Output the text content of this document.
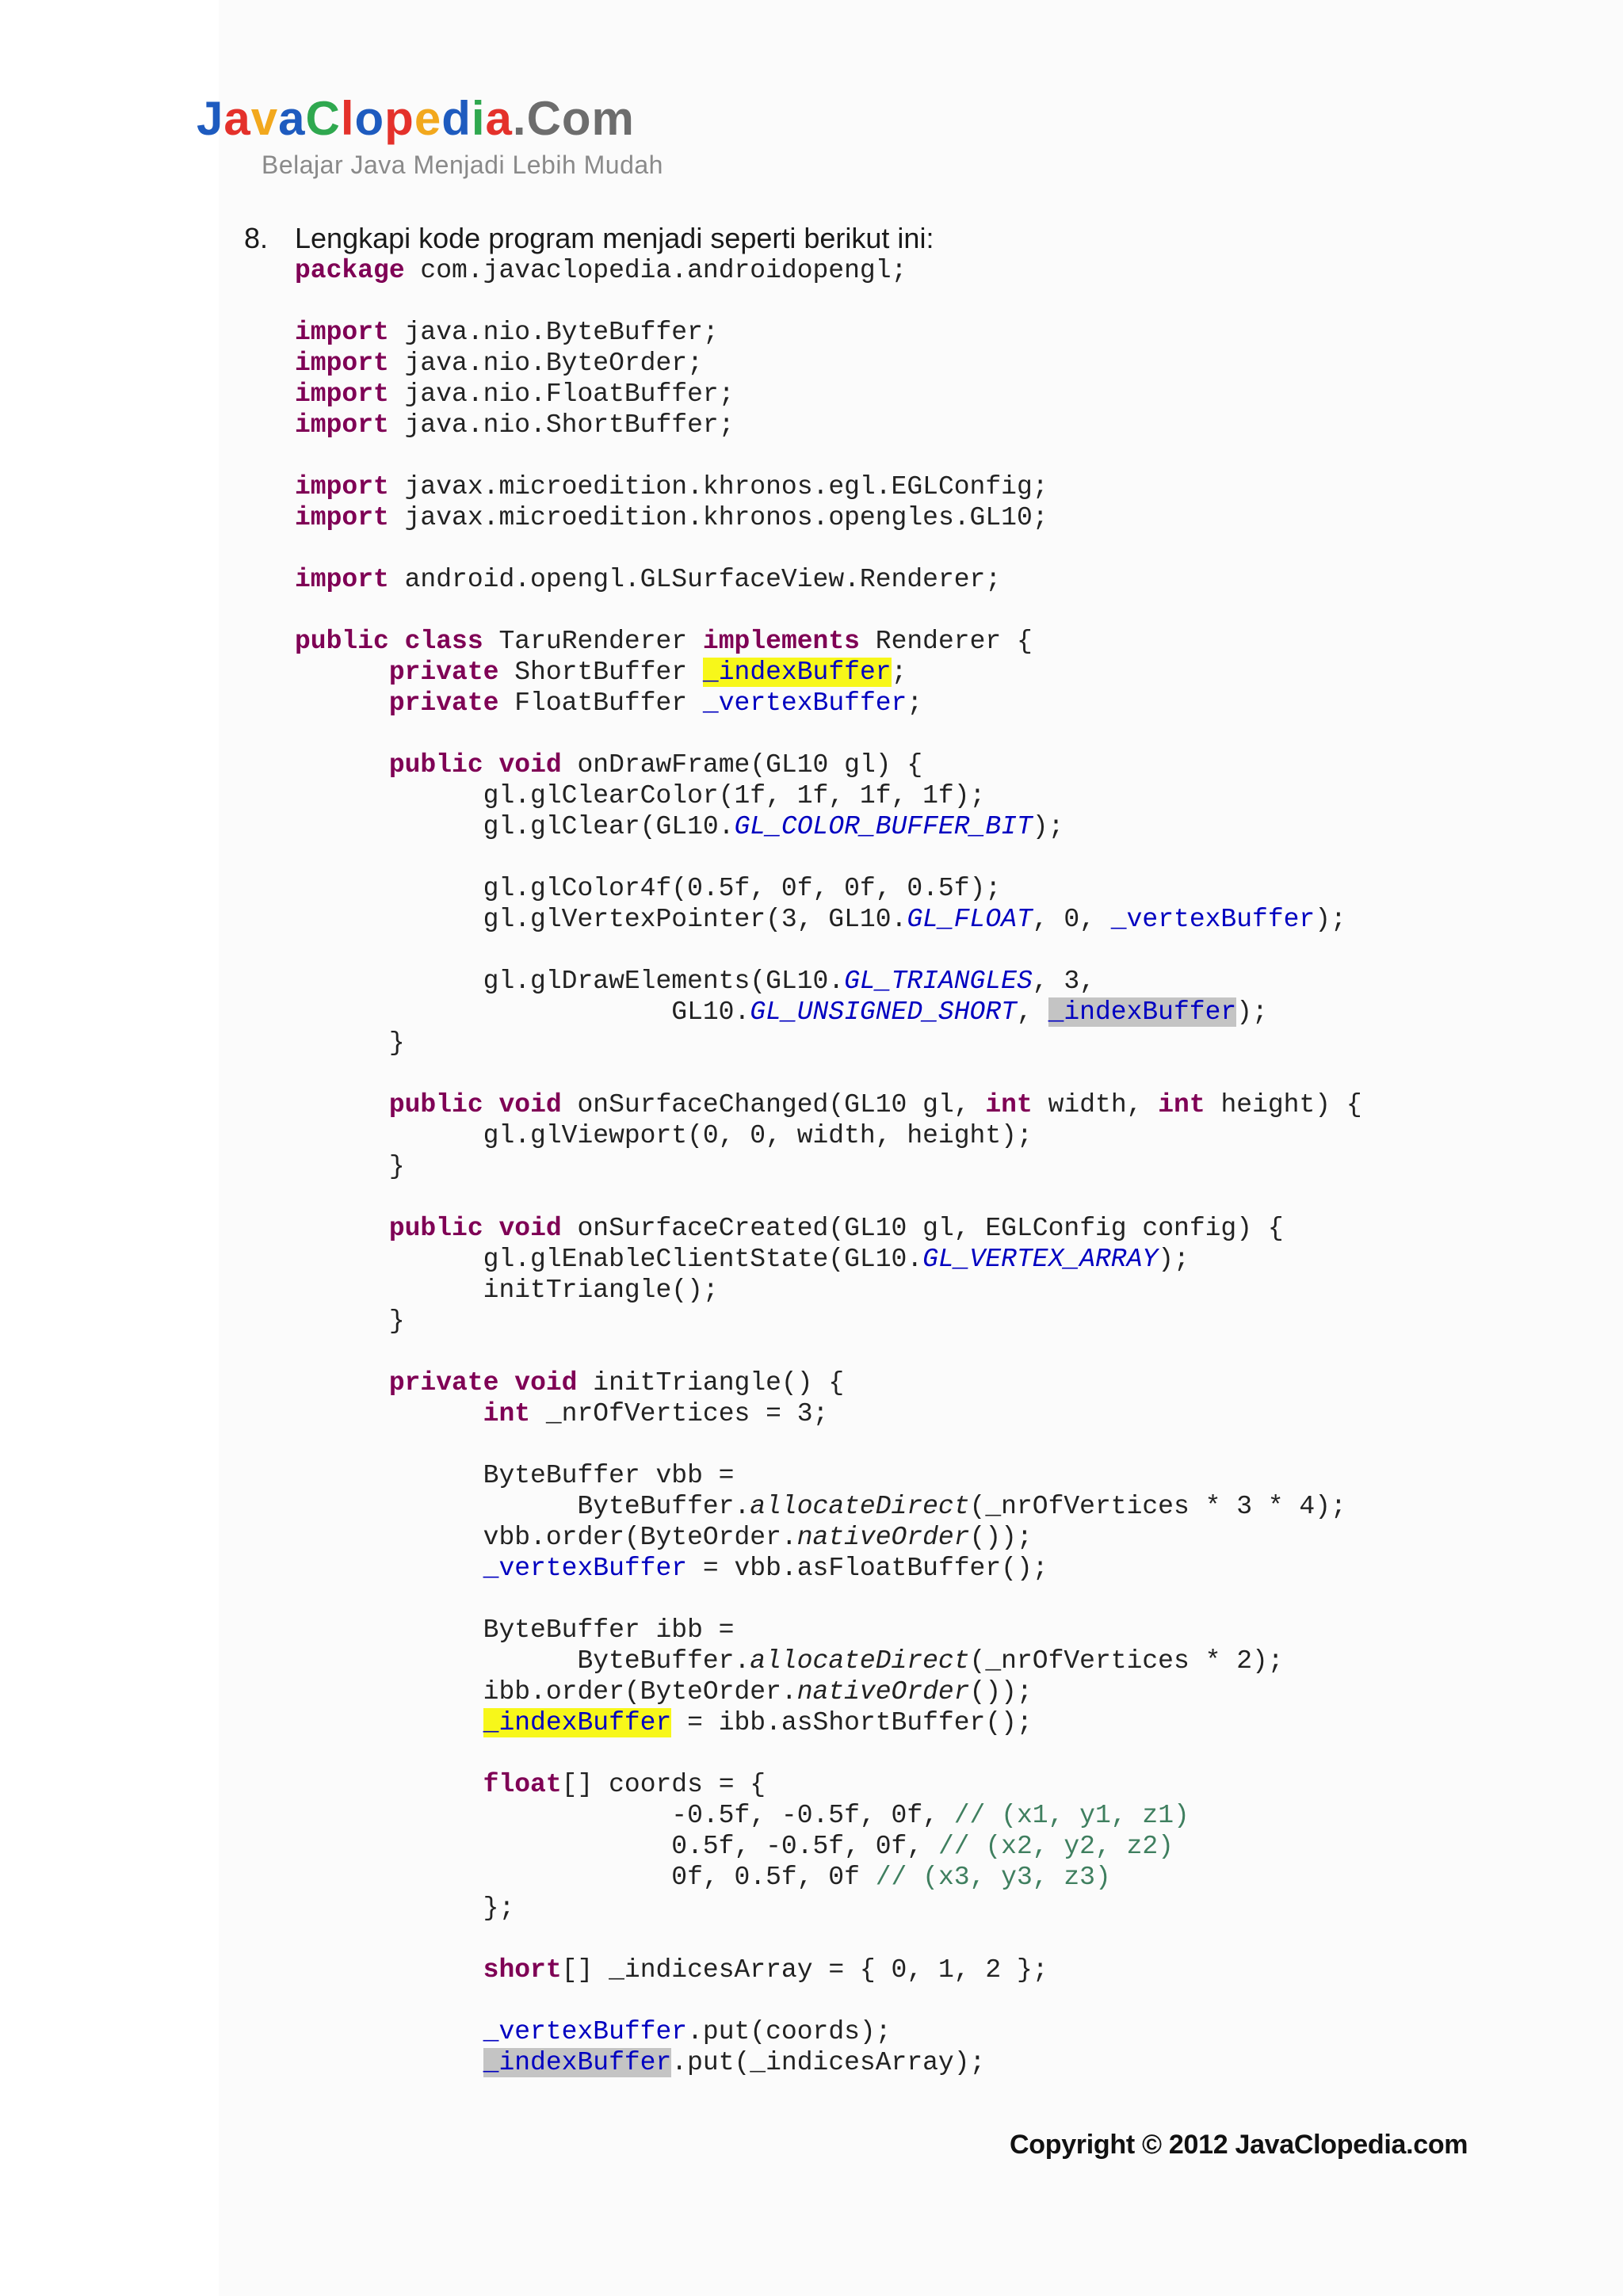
JavaClopedia.Com
Belajar Java Menjadi Lebih Mudah
8. Lengkapi kode program menjadi seperti berikut ini:
package com.javaclopedia.androidopengl;
import java.nio.ByteBuffer;
import java.nio.ByteOrder;
import java.nio.FloatBuffer;
import java.nio.ShortBuffer;
import javax.microedition.khronos.egl.EGLConfig;
import javax.microedition.khronos.opengles.GL10;
import android.opengl.GLSurfaceView.Renderer;
public class TaruRenderer implements Renderer {
private ShortBuffer _indexBuffer;
private FloatBuffer _vertexBuffer;
public void onDrawFrame(GL10 gl) {
gl.glClearColor(1f, 1f, 1f, 1f);
gl.glClear(GL10.GL_COLOR_BUFFER_BIT);
gl.glColor4f(0.5f, 0f, 0f, 0.5f);
gl.glVertexPointer(3, GL10.GL_FLOAT, 0, _vertexBuffer);
gl.glDrawElements(GL10.GL_TRIANGLES, 3,
GL10.GL_UNSIGNED_SHORT, _indexBuffer);
}
public void onSurfaceChanged(GL10 gl, int width, int height) {
gl.glViewport(0, 0, width, height);
}
public void onSurfaceCreated(GL10 gl, EGLConfig config) {
gl.glEnableClientState(GL10.GL_VERTEX_ARRAY);
initTriangle();
}
private void initTriangle() {
int _nrOfVertices = 3;
ByteBuffer vbb =
ByteBuffer.allocateDirect(_nrOfVertices * 3 * 4);
vbb.order(ByteOrder.nativeOrder());
_vertexBuffer = vbb.asFloatBuffer();
ByteBuffer ibb =
ByteBuffer.allocateDirect(_nrOfVertices * 2);
ibb.order(ByteOrder.nativeOrder());
_indexBuffer = ibb.asShortBuffer();
float[] coords = {
-0.5f, -0.5f, 0f, // (x1, y1, z1)
0.5f, -0.5f, 0f, // (x2, y2, z2)
0f, 0.5f, 0f // (x3, y3, z3)
};
short[] _indicesArray = { 0, 1, 2 };
_vertexBuffer.put(coords);
_indexBuffer.put(_indicesArray);
Copyright © 2012 JavaClopedia.com
